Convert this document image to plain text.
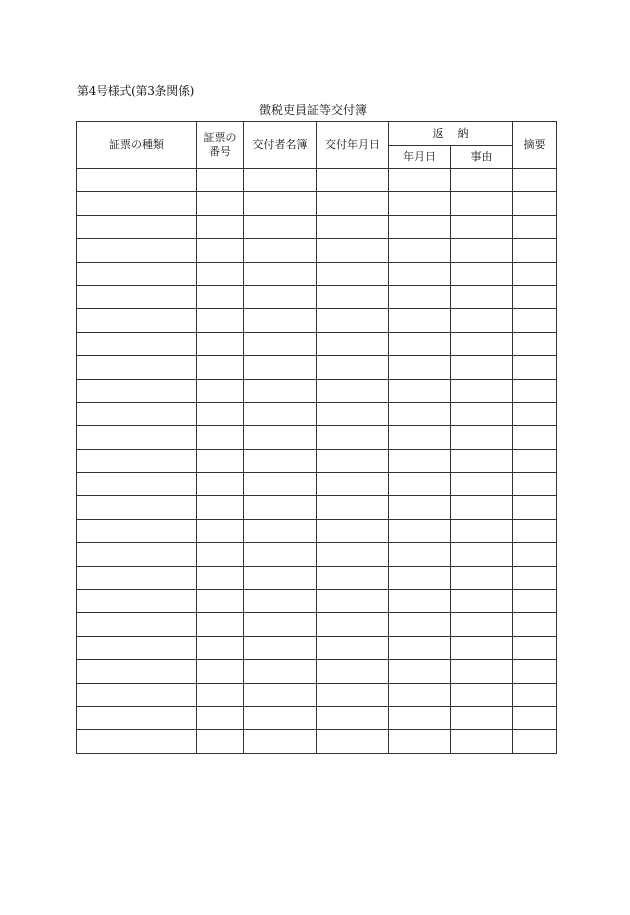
第4号様式(第3条関係)
徴税吏員証等交付簿
証票の種類	証票の番号	交付者名簿	交付年月日	返納		摘要
				年月日	事由	
